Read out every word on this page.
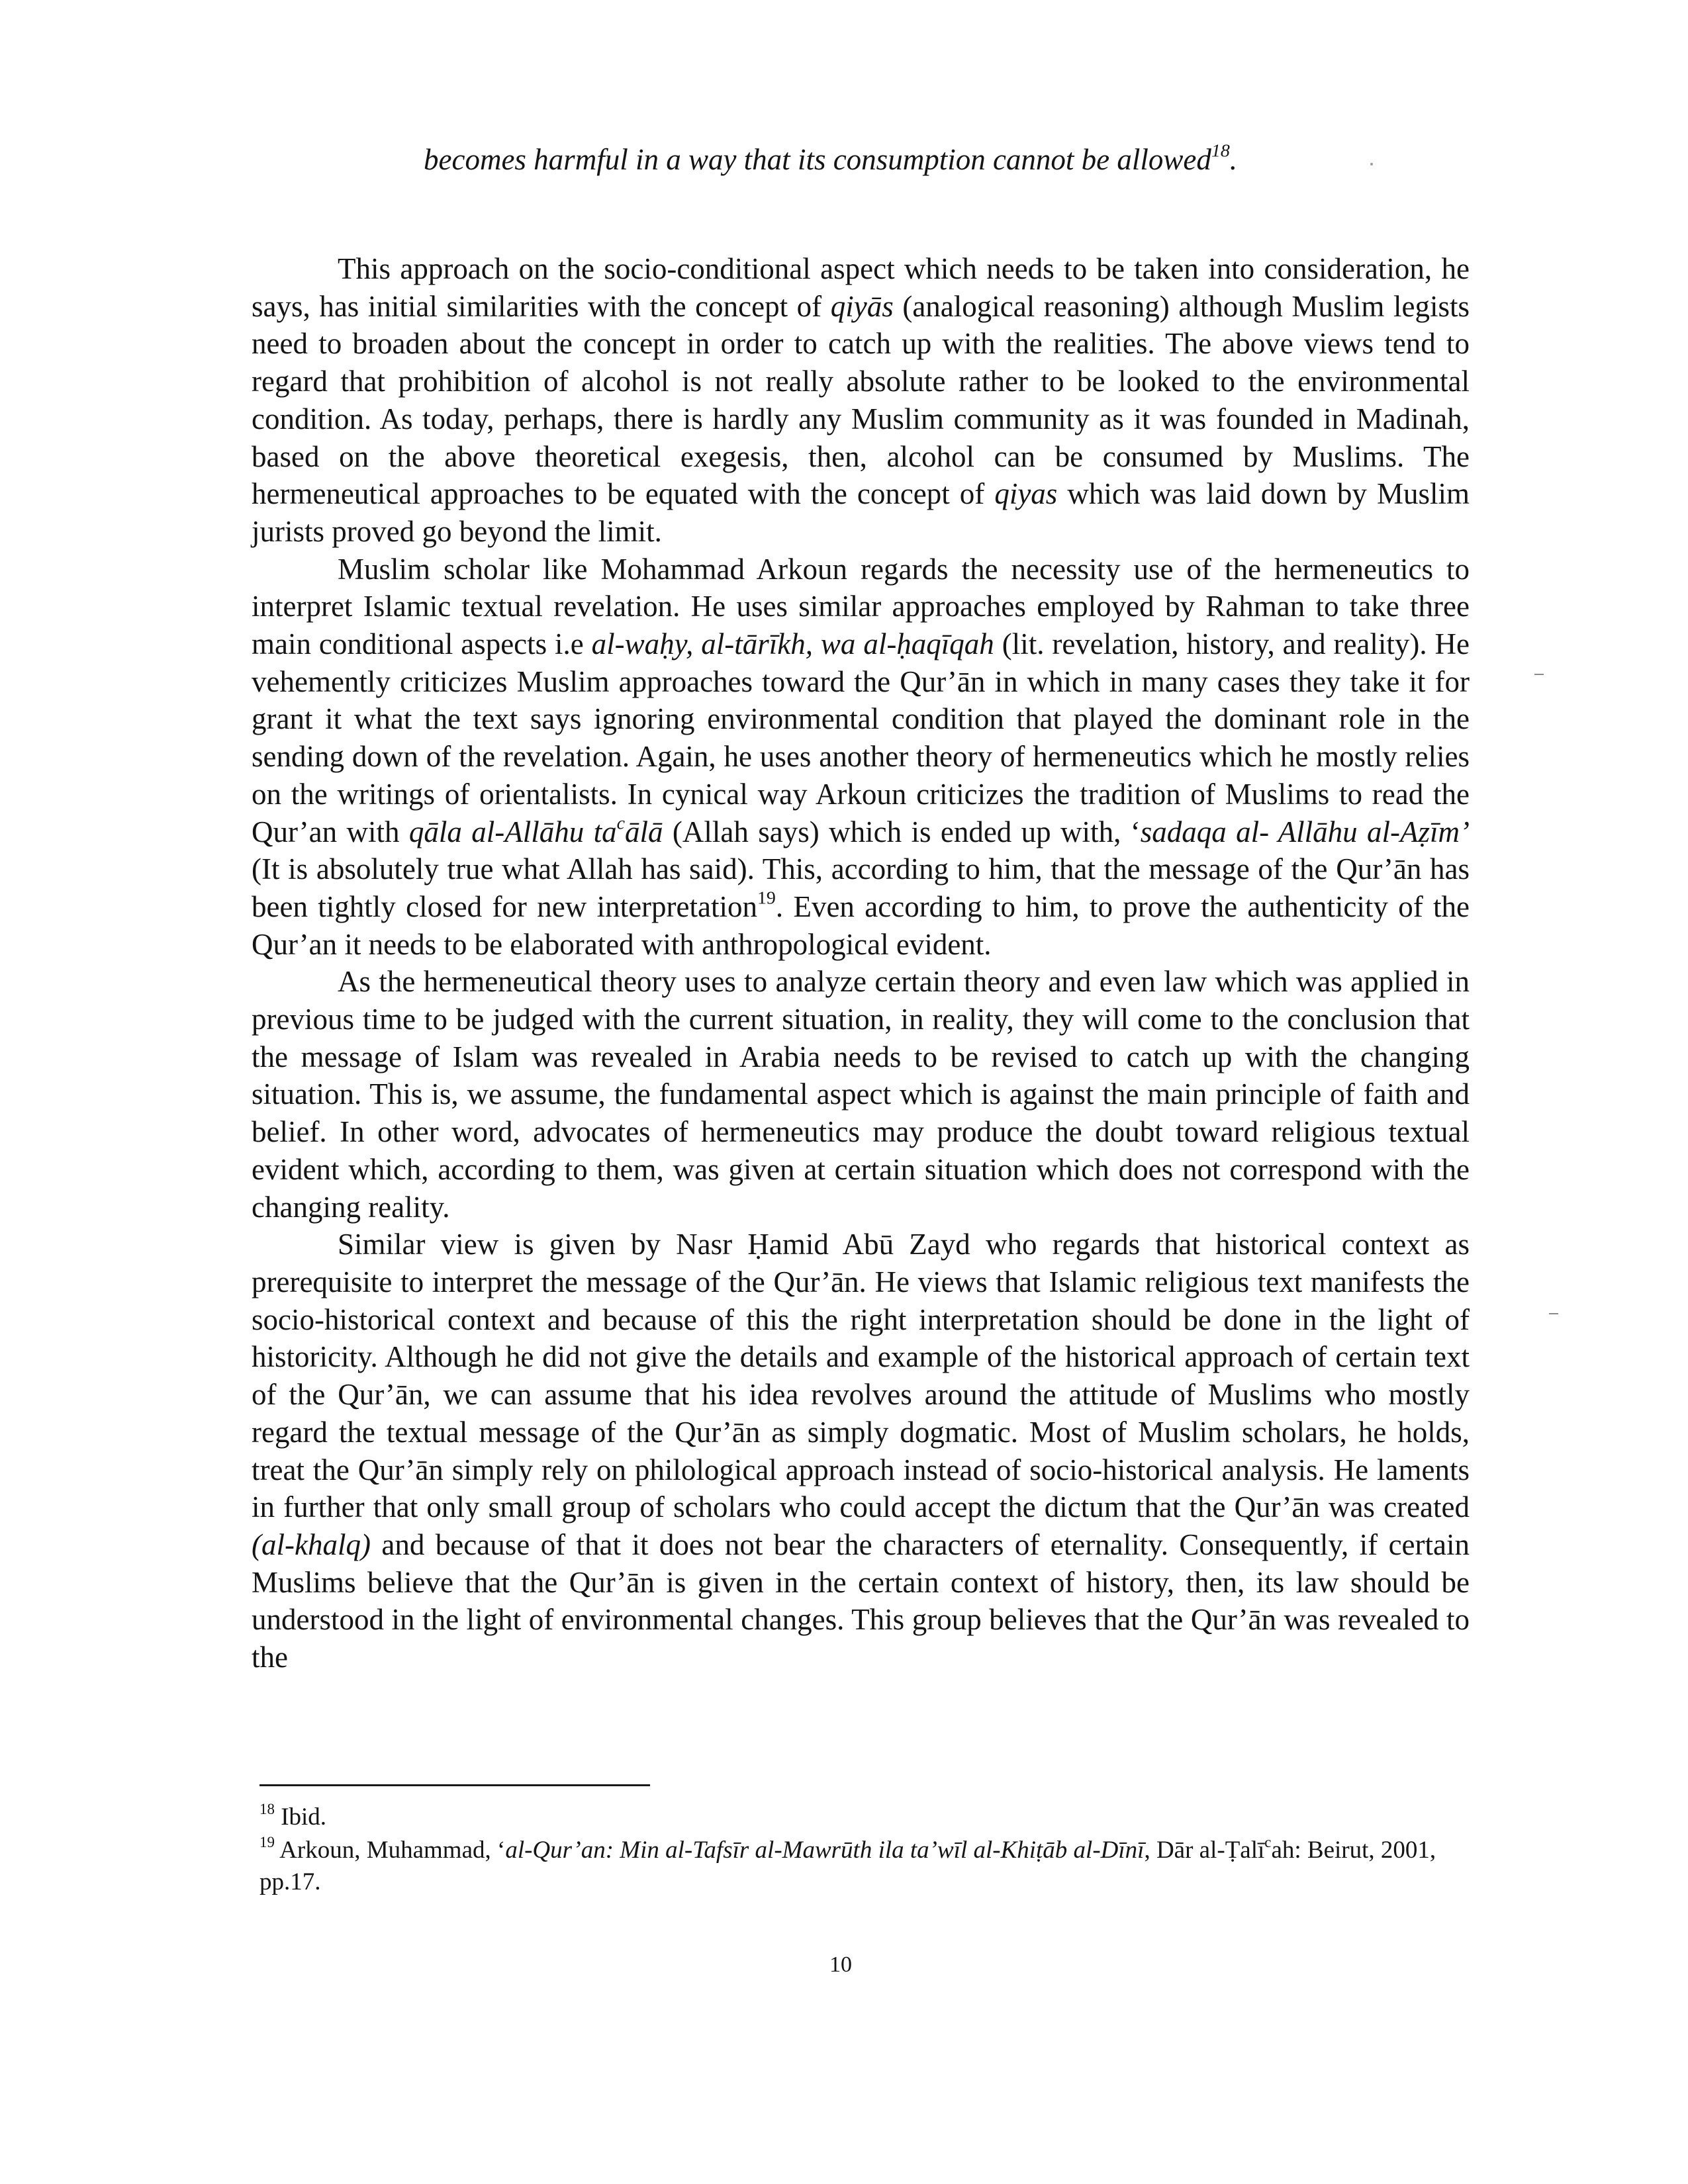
becomes harmful in a way that its consumption cannot be allowed$^{18}$.

This approach on the socio-conditional aspect which needs to be taken into consideration, he says, has initial similarities with the concept of qiyās (analogical reasoning) although Muslim legists need to broaden about the concept in order to catch up with the realities. The above views tend to regard that prohibition of alcohol is not really absolute rather to be looked to the environmental condition. As today, perhaps, there is hardly any Muslim community as it was founded in Madinah, based on the above theoretical exegesis, then, alcohol can be consumed by Muslims. The hermeneutical approaches to be equated with the concept of qiyas which was laid down by Muslim jurists proved go beyond the limit.

Muslim scholar like Mohammad Arkoun regards the necessity use of the hermeneutics to interpret Islamic textual revelation. He uses similar approaches employed by Rahman to take three main conditional aspects i.e al-waḥy, al-tārīkh, wa al-ḥaqīqah (lit. revelation, history, and reality). He vehemently criticizes Muslim approaches toward the Qur’ān in which in many cases they take it for grant it what the text says ignoring environmental condition that played the dominant role in the sending down of the revelation. Again, he uses another theory of hermeneutics which he mostly relies on the writings of orientalists. In cynical way Arkoun criticizes the tradition of Muslims to read the Qur’an with qāla al-Allāhu $ta^cālā$ (Allah says) which is ended up with, ‘sadaqa al- Allāhu al-Aẓīm’ (It is absolutely true what Allah has said). This, according to him, that the message of the Qur’ān has been tightly closed for new interpretation$^{19}$. Even according to him, to prove the authenticity of the Qur’an it needs to be elaborated with anthropological evident.

As the hermeneutical theory uses to analyze certain theory and even law which was applied in previous time to be judged with the current situation, in reality, they will come to the conclusion that the message of Islam was revealed in Arabia needs to be revised to catch up with the changing situation. This is, we assume, the fundamental aspect which is against the main principle of faith and belief. In other word, advocates of hermeneutics may produce the doubt toward religious textual evident which, according to them, was given at certain situation which does not correspond with the changing reality.

Similar view is given by Nasr Ḥamid Abū Zayd who regards that historical context as prerequisite to interpret the message of the Qur’ān. He views that Islamic religious text manifests the socio-historical context and because of this the right interpretation should be done in the light of historicity. Although he did not give the details and example of the historical approach of certain text of the Qur’ān, we can assume that his idea revolves around the attitude of Muslims who mostly regard the textual message of the Qur’ān as simply dogmatic. Most of Muslim scholars, he holds, treat the Qur’ān simply rely on philological approach instead of socio-historical analysis. He laments in further that only small group of scholars who could accept the dictum that the Qur’ān was created (al-khalq) and because of that it does not bear the characters of eternality. Consequently, if certain Muslims believe that the Qur’ān is given in the certain context of history, then, its law should be understood in the light of environmental changes. This group believes that the Qur’ān was revealed to the

$^{18}$ Ibid.

$^{19}$ Arkoun, Muhammad, ‘al-Qur’an: Min al-Tafsīr al-Mawrūth ila ta’wīl al-Khiṭāb al-Dīnī, Dār al-Ṭalī$^c$ah: Beirut, 2001, pp.17.

10
